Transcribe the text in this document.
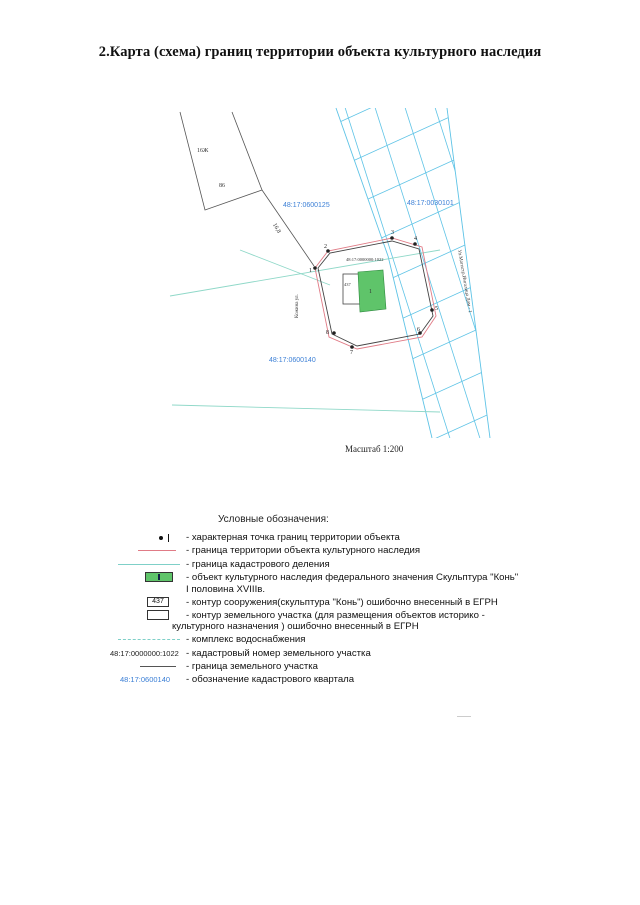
2.Карта (схема) границ территории объекта культурного наследия
1
2
3
4
5
6
7
8
16Ж
86
16,8
48:17:0000000:1022
437
1
Кожина ул.	Ул.Магистр.Ингалица Дом - 1
48:17:0600125	48:17:0030101
48:17:0600140
Масштаб 1:200
Условные обозначения:
- характерная точка границ территории объекта
- граница территории объекта культурного наследия
- граница кадастрового деления
- объект культурного наследия федерального значения Скульптура "Конь"
I половина XVIIIв.
437	- контур сооружения(скульптура "Конь") ошибочно внесенный в ЕГРН
- контур земельного участка (для размещения объектов историко -
культурного назначения ) ошибочно внесенный в ЕГРН
- комплекс водоснабжения
48:17:0000000:1022 - кадастровый номер земельного участка
- граница земельного участка
48:17:0600140 - обозначение кадастрового квартала
